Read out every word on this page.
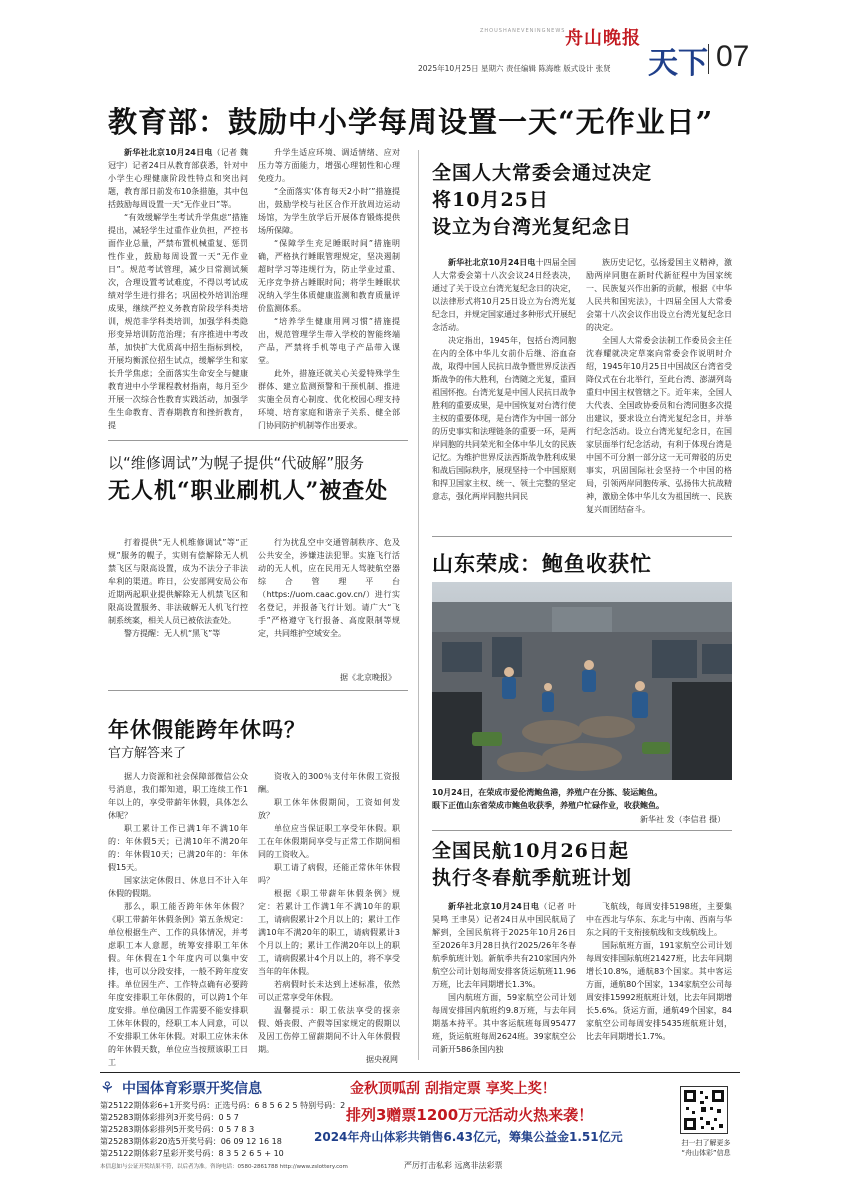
ZHOUSHANEVENINGNEWS 舟山晚报
天下 07
2025年10月25日 星期六 责任编辑 陈海维 版式设计 张贤
教育部：鼓励中小学每周设置一天“无作业日”

新华社北京10月24日电（记者 魏冠宇）记者24日从教育部获悉，针对中小学生心理健康阶段性特点和突出问题，教育部日前发布10条措施，其中包括鼓励每周设置一天“无作业日”等。

“有效缓解学生考试升学焦虑”措施提出，减轻学生过重作业负担，严控书面作业总量，严禁布置机械重复、惩罚性作业，鼓励每周设置一天“无作业日”。规范考试管理，减少日常测试频次，合理设置考试难度，不得以考试成绩对学生进行排名；巩固校外培训治理成果，继续严控义务教育阶段学科类培训，规范非学科类培训，加强学科类隐形变异培训防范治理；有序推进中考改革，加快扩大优质高中招生指标到校，开展均衡派位招生试点，缓解学生和家长升学焦虑；全面落实生命安全与健康教育进中小学课程教材指南，每月至少开展一次综合性教育实践活动，加强学生生命教育、青春期教育和挫折教育，提

升学生适应环境、调适情绪、应对压力等方面能力，增强心理韧性和心理免疫力。

“全面落实‘体育每天2小时’”措施提出，鼓励学校与社区合作开放周边运动场馆，为学生放学后开展体育锻炼提供场所保障。

“保障学生充足睡眠时间”措施明确，严格执行睡眠管理规定，坚决遏制超时学习等违规行为，防止学业过重、无序竞争挤占睡眠时间；将学生睡眠状况纳入学生体质健康监测和教育质量评价监测体系。

“培养学生健康用网习惯”措施提出，规范管理学生带入学校的智能终端产品，严禁将手机等电子产品带入课堂。

此外，措施还就关心关爱特殊学生群体、建立监测预警和干预机制、推进实施全员育心制度、优化校园心理支持环境、培育家庭和谐亲子关系、健全部门协同防护机制等作出要求。

以“维修调试”为幌子提供“代破解”服务
无人机“职业刷机人”被查处

打着提供“无人机维修调试”等“正规”服务的幌子，实则有偿解除无人机禁飞区与限高设置，成为不法分子非法牟利的渠道。昨日，公安部网安局公布近期两起职业提供解除无人机禁飞区和限高设置服务、非法破解无人机飞行控制系统案，相关人员已被依法查处。

警方提醒：无人机“黑飞”等

行为扰乱空中交通管制秩序、危及公共安全，涉嫌违法犯罪。实施飞行活动的无人机，应在民用无人驾驶航空器综合管理平台（https://uom.caac.gov.cn/）进行实名登记，并报备飞行计划。请广大“飞手”严格遵守飞行报备、高度限制等规定，共同维护空域安全。

据《北京晚报》
年休假能跨年休吗？
官方解答来了

据人力资源和社会保障部微信公众号消息，我们都知道，职工连续工作1年以上的，享受带薪年休假，具体怎么休呢？

职工累计工作已满1年不满10年的：年休假5天；已满10年不满20年的：年休假10天；已满20年的：年休假15天。

国家法定休假日、休息日不计入年休假的假期。

那么，职工能否跨年休年休假？《职工带薪年休假条例》第五条规定：单位根据生产、工作的具体情况，并考虑职工本人意愿，统筹安排职工年休假。年休假在1个年度内可以集中安排，也可以分段安排，一般不跨年度安排。单位因生产、工作特点确有必要跨年度安排职工年休假的，可以跨1个年度安排。单位确因工作需要不能安排职工休年休假的，经职工本人同意，可以不安排职工休年休假。对职工应休未休的年休假天数，单位应当按照该职工日工

资收入的300％支付年休假工资报酬。

职工休年休假期间，工资如何发放？

单位应当保证职工享受年休假。职工在年休假期间享受与正常工作期间相同的工资收入。

职工请了病假，还能正常休年休假吗？

根据《职工带薪年休假条例》规定：若累计工作满1年不满10年的职工，请病假累计2个月以上的；累计工作满10年不满20年的职工，请病假累计3个月以上的；累计工作满20年以上的职工，请病假累计4个月以上的，将不享受当年的年休假。

若病假时长未达到上述标准，依然可以正常享受年休假。

温馨提示：职工依法享受的探亲假、婚丧假、产假等国家规定的假期以及因工伤停工留薪期间不计入年休假假期。

据央视网
全国人大常委会通过决定
将10月25日
设立为台湾光复纪念日

新华社北京10月24日电十四届全国人大常委会第十八次会议24日经表决，通过了关于设立台湾光复纪念日的决定，以法律形式将10月25日设立为台湾光复纪念日，并规定国家通过多种形式开展纪念活动。

决定指出，1945年，包括台湾同胞在内的全体中华儿女前仆后继、浴血奋战，取得中国人民抗日战争暨世界反法西斯战争的伟大胜利，台湾随之光复，重回祖国怀抱。台湾光复是中国人民抗日战争胜利的重要成果，是中国恢复对台湾行使主权的重要体现，是台湾作为中国一部分的历史事实和法理链条的重要一环，是两岸同胞的共同荣光和全体中华儿女的民族记忆。为维护世界反法西斯战争胜利成果和战后国际秩序，展现坚持一个中国原则和捍卫国家主权、统一、领土完整的坚定意志，强化两岸同胞共同民

族历史记忆，弘扬爱国主义精神，激励两岸同胞在新时代新征程中为国家统一、民族复兴作出新的贡献，根据《中华人民共和国宪法》，十四届全国人大常委会第十八次会议作出设立台湾光复纪念日的决定。

全国人大常委会法制工作委员会主任沈春耀就决定草案向常委会作说明时介绍，1945年10月25日中国战区台湾省受降仪式在台北举行，至此台湾、澎湖列岛重归中国主权管辖之下。近年来，全国人大代表、全国政协委员和台湾同胞多次提出建议，要求设立台湾光复纪念日，并举行纪念活动。设立台湾光复纪念日，在国家层面举行纪念活动，有利于体现台湾是中国不可分割一部分这一无可辩驳的历史事实，巩固国际社会坚持一个中国的格局，引领两岸同胞传承、弘扬伟大抗战精神，激励全体中华儿女为祖国统一、民族复兴而团结奋斗。

山东荣成：鲍鱼收获忙
10月24日，在荣成市爱伦湾鲍鱼港，养殖户在分拣、装运鲍鱼。
眼下正值山东省荣成市鲍鱼收获季，养殖户忙碌作业，收获鲍鱼。
新华社 发（李信君 摄）
全国民航10月26日起
执行冬春航季航班计划

新华社北京10月24日电（记者 叶昊鸣 王聿昊）记者24日从中国民航局了解到，全国民航将于2025年10月26日至2026年3月28日执行2025/26年冬春航季航班计划。新航季共有210家国内外航空公司计划每周安排客货运航班11.96万班，比去年同期增长1.3%。

国内航班方面，59家航空公司计划每周安排国内航班约9.8万班，与去年同期基本持平。其中客运航班每周95477班，货运航班每周2624班。39家航空公司新开586条国内独

飞航线，每周安排5198班，主要集中在西北与华东、东北与中南、西南与华东之间的干支衔接航线和支线航线上。

国际航班方面，191家航空公司计划每周安排国际航班21427班，比去年同期增长10.8%，通航83个国家。其中客运方面，通航80个国家，134家航空公司每周安排15992班航班计划，比去年同期增长5.6%。货运方面，通航49个国家，84家航空公司每周安排5435班航班计划，比去年同期增长1.7%。

⚘ 中国体育彩票开奖信息	金秋顶呱刮 刮指定票 享奖上奖！
第25122期体彩6+1开奖号码：正选号码：6 8 5 6 2 5 特别号码：2
第25283期体彩排列3开奖号码：0 5 7
第25283期体彩排列5开奖号码：0 5 7 8 3
第25283期体彩20选5开奖号码：06 09 12 16 18
第25122期体彩7星彩开奖号码：8 3 5 2 6 5 + 10
排列3赠票1200万元活动火热来袭！
2024年舟山体彩共销售6.43亿元，筹集公益金1.51亿元
本信息如与公证开奖结果不符，以后者为准。咨询电话：0580-2861788 http://www.zslottery.com	严厉打击私彩 远离非法彩票
扫一扫了解更多
“舟山体彩”信息
